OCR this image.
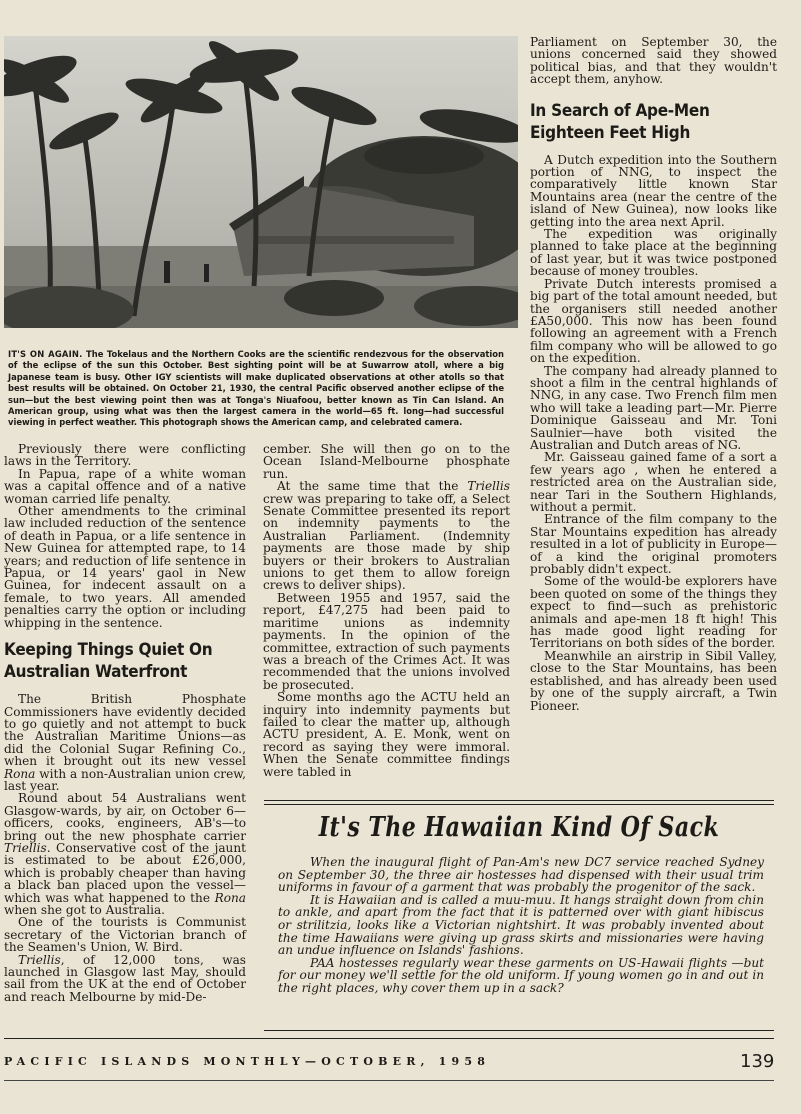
IT'S ON AGAIN. The Tokelaus and the Northern Cooks are the scientific rendezvous for the observation of the eclipse of the sun this October. Best sighting point will be at Suwarrow atoll, where a big Japanese team is busy. Other IGY scientists will make duplicated observations at other atolls so that best results will be obtained. On October 21, 1930, the central Pacific observed another eclipse of the sun—but the best viewing point then was at Tonga's Niuafoou, better known as Tin Can Island. An American group, using what was then the largest camera in the world—65 ft. long—had successful viewing in perfect weather. This photograph shows the American camp, and celebrated camera.

Previously there were conflicting laws in the Territory.

In Papua, rape of a white woman was a capital offence and of a native woman carried life penalty.

Other amendments to the criminal law included reduction of the sentence of death in Papua, or a life sentence in New Guinea for attempted rape, to 14 years; and reduction of life sentence in Papua, or 14 years' gaol in New Guinea, for indecent assault on a female, to two years. All amended penalties carry the option or including whipping in the sentence.

Keeping Things Quiet On Australian Waterfront

The British Phosphate Commissioners have evidently decided to go quietly and not attempt to buck the Australian Maritime Unions—as did the Colonial Sugar Refining Co., when it brought out its new vessel Rona with a non-Australian union crew, last year.

Round about 54 Australians went Glasgow-wards, by air, on October 6—officers, cooks, engineers, AB's—to bring out the new phosphate carrier Triellis. Conservative cost of the jaunt is estimated to be about £26,000, which is probably cheaper than having a black ban placed upon the vessel—which was what happened to the Rona when she got to Australia.

One of the tourists is Communist secretary of the Victorian branch of the Seamen's Union, W. Bird.

Triellis, of 12,000 tons, was launched in Glasgow last May, should sail from the UK at the end of October and reach Melbourne by mid-De-

cember. She will then go on to the Ocean Island-Melbourne phosphate run.

At the same time that the Triellis crew was preparing to take off, a Select Senate Committee presented its report on indemnity payments to the Australian Parliament. (Indemnity payments are those made by ship buyers or their brokers to Australian unions to get them to allow foreign crews to deliver ships).

Between 1955 and 1957, said the report, £47,275 had been paid to maritime unions as indemnity payments. In the opinion of the committee, extraction of such payments was a breach of the Crimes Act. It was recommended that the unions involved be prosecuted.

Some months ago the ACTU held an inquiry into indemnity payments but failed to clear the matter up, although ACTU president, A. E. Monk, went on record as saying they were immoral. When the Senate committee findings were tabled in

Parliament on September 30, the unions concerned said they showed political bias, and that they wouldn't accept them, anyhow.

In Search of Ape-Men Eighteen Feet High

A Dutch expedition into the Southern portion of NNG, to inspect the comparatively little known Star Mountains area (near the centre of the island of New Guinea), now looks like getting into the area next April.

The expedition was originally planned to take place at the beginning of last year, but it was twice postponed because of money troubles.

Private Dutch interests promised a big part of the total amount needed, but the organisers still needed another £A50,000. This now has been found following an agreement with a French film company who will be allowed to go on the expedition.

The company had already planned to shoot a film in the central highlands of NNG, in any case. Two French film men who will take a leading part—Mr. Pierre Dominique Gaisseau and Mr. Toni Saulnier—have both visited the Australian and Dutch areas of NG.

Mr. Gaisseau gained fame of a sort a few years ago , when he entered a restricted area on the Australian side, near Tari in the Southern Highlands, without a permit.

Entrance of the film company to the Star Mountains expedition has already resulted in a lot of publicity in Europe—of a kind the original promoters probably didn't expect.

Some of the would-be explorers have been quoted on some of the things they expect to find—such as prehistoric animals and ape-men 18 ft high! This has made good light reading for Territorians on both sides of the border.

Meanwhile an airstrip in Sibil Valley, close to the Star Mountains, has been established, and has already been used by one of the supply aircraft, a Twin Pioneer.

It's The Hawaiian Kind Of Sack

When the inaugural flight of Pan-Am's new DC7 service reached Sydney on September 30, the three air hostesses had dispensed with their usual trim uniforms in favour of a garment that was probably the progenitor of the sack.

It is Hawaiian and is called a muu-muu. It hangs straight down from chin to ankle, and apart from the fact that it is patterned over with giant hibiscus or strilitzia, looks like a Victorian nightshirt. It was probably invented about the time Hawaiians were giving up grass skirts and missionaries were having an undue influence on Islands' fashions.

PAA hostesses regularly wear these garments on US-Hawaii flights —but for our money we'll settle for the old uniform. If young women go in and out in the right places, why cover them up in a sack?

PACIFIC ISLANDS MONTHLY—OCTOBER, 1958	139
